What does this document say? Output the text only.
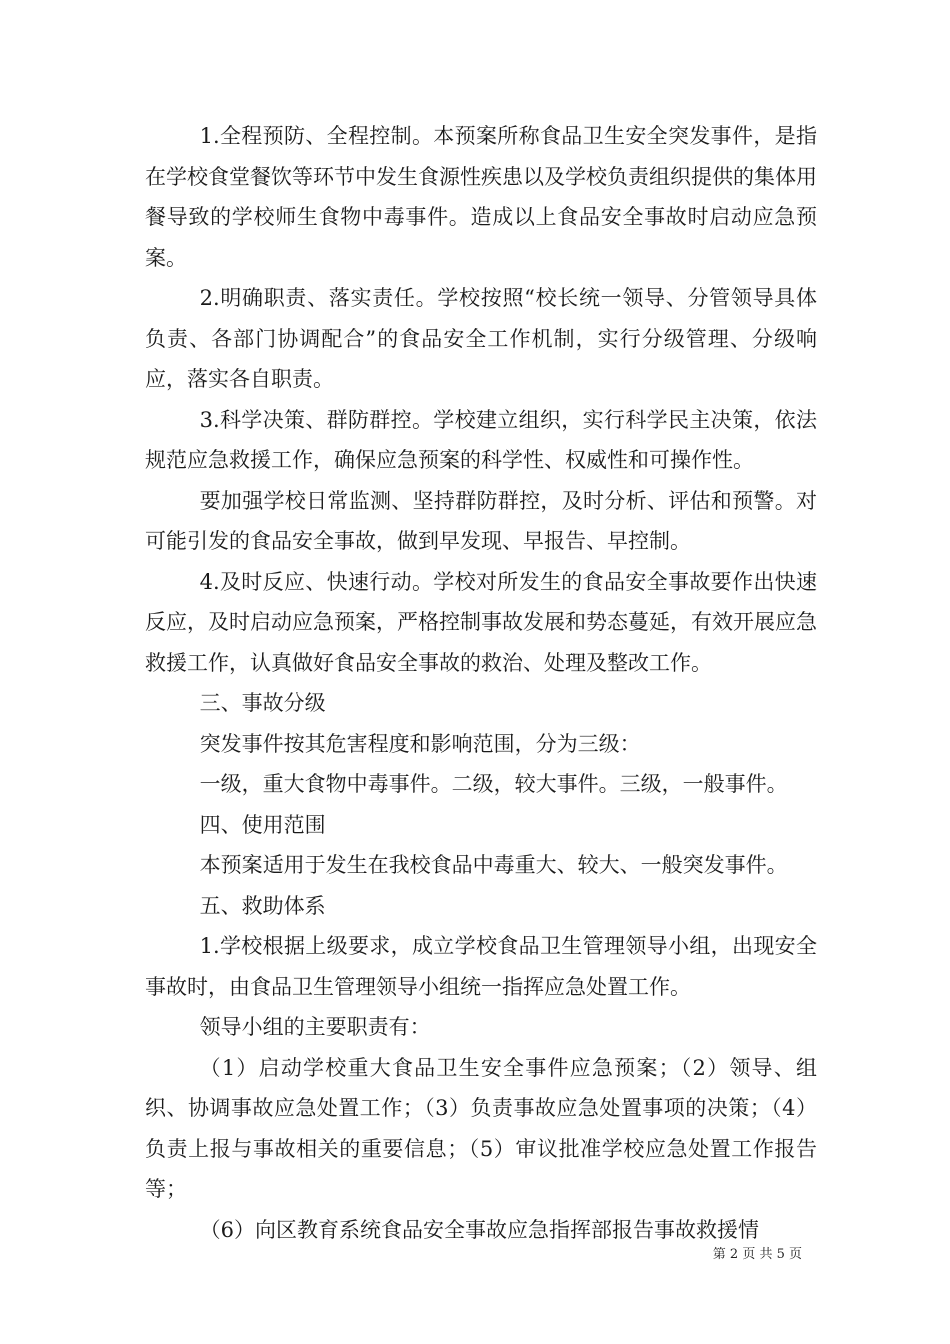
1.全程预防、全程控制。本预案所称食品卫生安全突发事件，是指在学校食堂餐饮等环节中发生食源性疾患以及学校负责组织提供的集体用餐导致的学校师生食物中毒事件。造成以上食品安全事故时启动应急预案。

2.明确职责、落实责任。学校按照“校长统一领导、分管领导具体负责、各部门协调配合”的食品安全工作机制，实行分级管理、分级响应，落实各自职责。

3.科学决策、群防群控。学校建立组织，实行科学民主决策，依法规范应急救援工作，确保应急预案的科学性、权威性和可操作性。

要加强学校日常监测、坚持群防群控，及时分析、评估和预警。对可能引发的食品安全事故，做到早发现、早报告、早控制。

4.及时反应、快速行动。学校对所发生的食品安全事故要作出快速反应，及时启动应急预案，严格控制事故发展和势态蔓延，有效开展应急救援工作，认真做好食品安全事故的救治、处理及整改工作。

三、事故分级

突发事件按其危害程度和影响范围，分为三级：

一级，重大食物中毒事件。二级，较大事件。三级，一般事件。

四、使用范围

本预案适用于发生在我校食品中毒重大、较大、一般突发事件。

五、救助体系

1.学校根据上级要求，成立学校食品卫生管理领导小组，出现安全事故时，由食品卫生管理领导小组统一指挥应急处置工作。

领导小组的主要职责有：

（1）启动学校重大食品卫生安全事件应急预案；（2）领导、组织、协调事故应急处置工作；（3）负责事故应急处置事项的决策；（4）负责上报与事故相关的重要信息；（5）审议批准学校应急处置工作报告等；

（6）向区教育系统食品安全事故应急指挥部报告事故救援情

第 2 页 共 5 页
